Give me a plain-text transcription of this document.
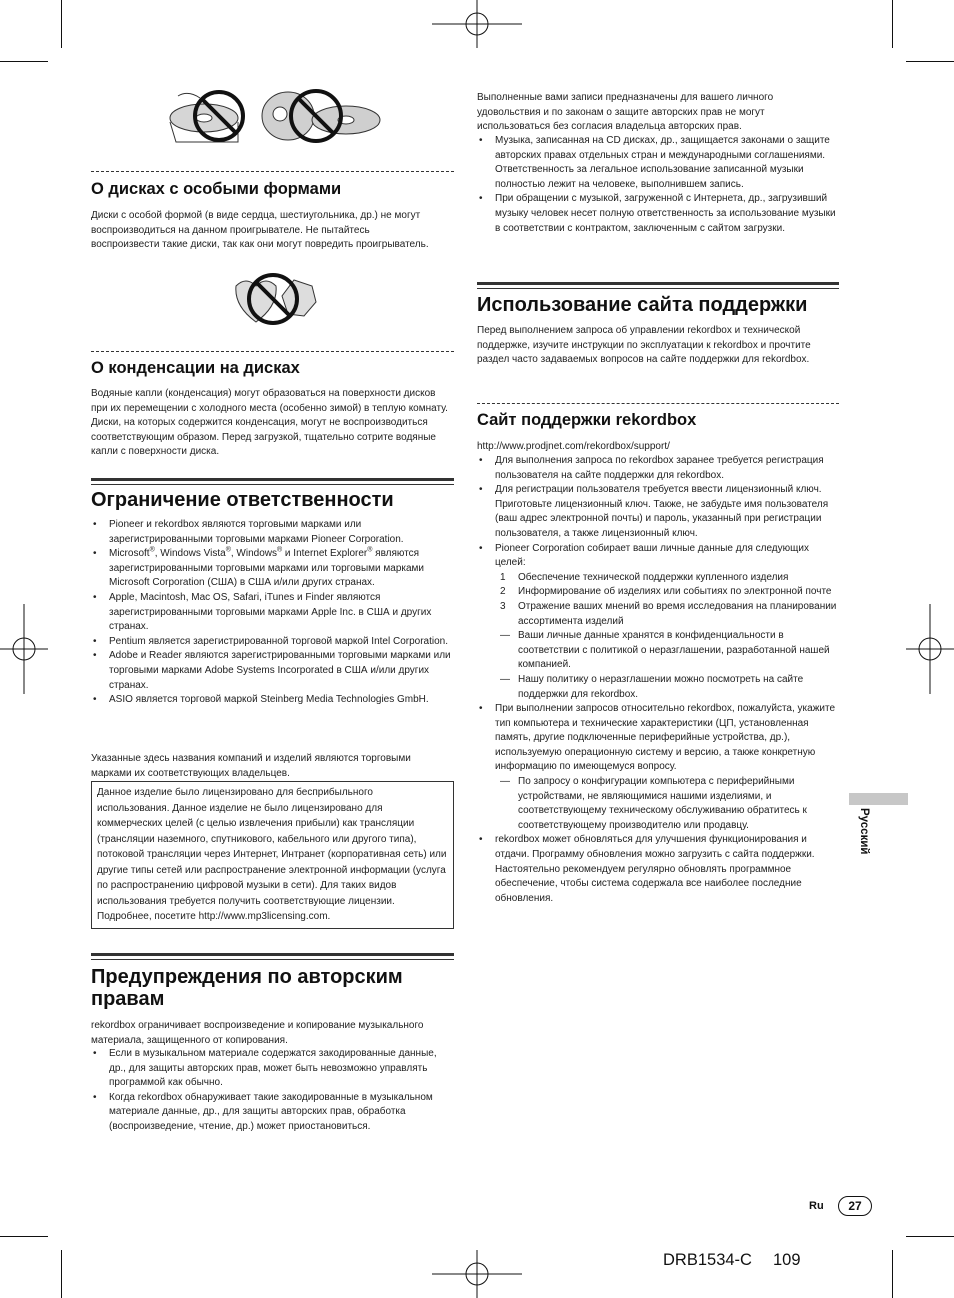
О дисках с особыми формами
Диски с особой формой (в виде сердца, шестиугольника, др.) не могут воспроизводиться на данном проигрывателе. Не пытайтесь воспроизвести такие диски, так как они могут повредить проигрыватель.
О конденсации на дисках
Водяные капли (конденсация) могут образоваться на поверхности дисков при их перемещении с холодного места (особенно зимой) в теплую комнату. Диски, на которых содержится конденсация, могут не воспроизводиться соответствующим образом. Перед загрузкой, тщательно сотрите водяные капли с поверхности диска.
Ограничение ответственности
• Pioneer и rekordbox являются торговыми марками или зарегистрированными торговыми марками Pioneer Corporation.
• Microsoft®, Windows Vista®, Windows® и Internet Explorer® являются зарегистрированными торговыми марками или торговыми марками Microsoft Corporation (США) в США и/или других странах.
• Apple, Macintosh, Mac OS, Safari, iTunes и Finder являются зарегистрированными торговыми марками Apple Inc. в США и других странах.
• Pentium является зарегистрированной торговой маркой Intel Corporation.
• Adobe и Reader являются зарегистрированными торговыми марками или торговыми марками Adobe Systems Incorporated в США и/или других странах.
• ASIO является торговой маркой Steinberg Media Technologies GmbH.
Указанные здесь названия компаний и изделий являются торговыми марками их соответствующих владельцев.
Данное изделие было лицензировано для бесприбыльного использования. Данное изделие не было лицензировано для коммерческих целей (с целью извлечения прибыли) как трансляции (трансляции наземного, спутникового, кабельного или другого типа), потоковой трансляции через Интернет, Интранет (корпоративная сеть) или другие типы сетей или распространение электронной информации (услуга по распространению цифровой музыки в сети). Для таких видов использования требуется получить соответствующие лицензии. Подробнее, посетите http://www.mp3licensing.com.
Предупреждения по авторским правам
rekordbox ограничивает воспроизведение и копирование музыкального материала, защищенного от копирования.
• Если в музыкальном материале содержатся закодированные данные, др., для защиты авторских прав, может быть невозможно управлять программой как обычно.
• Когда rekordbox обнаруживает такие закодированные в музыкальном материале данные, др., для защиты авторских прав, обработка (воспроизведение, чтение, др.) может приостановиться.
Выполненные вами записи предназначены для вашего личного удовольствия и по законам о защите авторских прав не могут использоваться без согласия владельца авторских прав.
• Музыка, записанная на CD дисках, др., защищается законами о защите авторских правах отдельных стран и международными соглашениями. Ответственность за легальное использование записанной музыки полностью лежит на человеке, выполнившем запись.
• При обращении с музыкой, загруженной с Интернета, др., загрузивший музыку человек несет полную ответственность за использование музыки в соответствии с контрактом, заключенным с сайтом загрузки.
Использование сайта поддержки
Перед выполнением запроса об управлении rekordbox и технической поддержке, изучите инструкции по эксплуатации к rekordbox и прочтите раздел часто задаваемых вопросов на сайте поддержки для rekordbox.
Сайт поддержки rekordbox
http://www.prodjnet.com/rekordbox/support/
• Для выполнения запроса по rekordbox заранее требуется регистрация пользователя на сайте поддержки для rekordbox.
• Для регистрации пользователя требуется ввести лицензионный ключ. Приготовьте лицензионный ключ. Также, не забудьте имя пользователя (ваш адрес электронной почты) и пароль, указанный при регистрации пользователя, а также лицензионный ключ.
• Pioneer Corporation собирает ваши личные данные для следующих целей:
1 Обеспечение технической поддержки купленного изделия
2 Информирование об изделиях или событиях по электронной почте
3 Отражение ваших мнений во время исследования на планировании ассортимента изделий
— Ваши личные данные хранятся в конфиденциальности в соответствии с политикой о неразглашении, разработанной нашей компанией.
— Нашу политику о неразглашении можно посмотреть на сайте поддержки для rekordbox.
• При выполнении запросов относительно rekordbox, пожалуйста, укажите тип компьютера и технические характеристики (ЦП, установленная память, другие подключенные периферийные устройства, др.), используемую операционную систему и версию, а также конкретную информацию по имеющемуся вопросу.
— По запросу о конфигурации компьютера с периферийными устройствами, не являющимися нашими изделиями, и соответствующему техническому обслуживанию обратитесь к соответствующему производителю или продавцу.
• rekordbox может обновляться для улучшения функционирования и отдачи. Программу обновления можно загрузить с сайта поддержки. Настоятельно рекомендуем регулярно обновлять программное обеспечение, чтобы система содержала все наиболее последние обновления.
Русский
Ru	27
DRB1534-C 109
